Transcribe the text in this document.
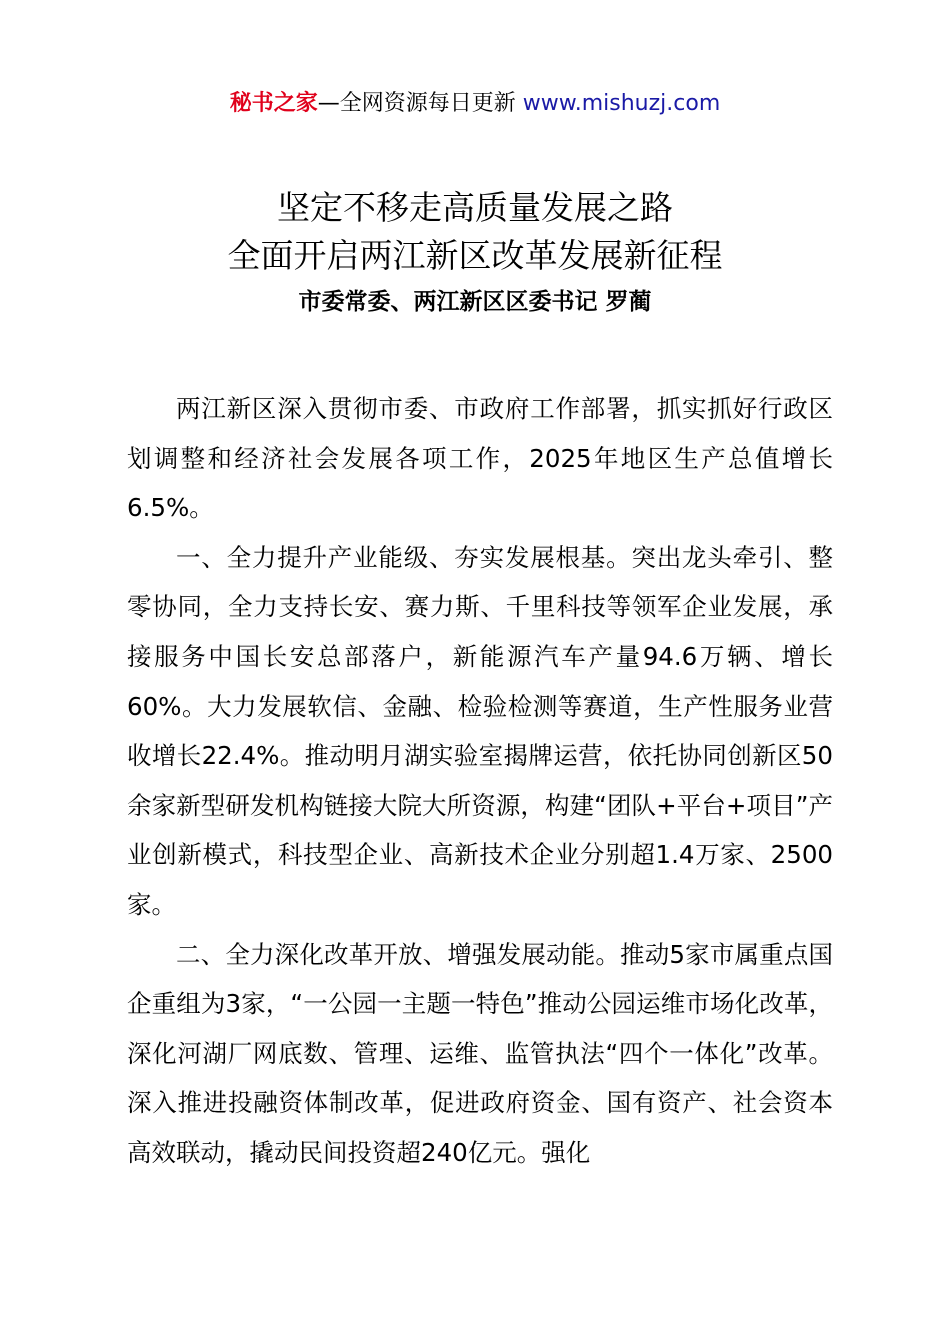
秘书之家—全网资源每日更新 www.mishuzj.com
坚定不移走高质量发展之路
全面开启两江新区改革发展新征程
市委常委、两江新区区委书记 罗蔺

两江新区深入贯彻市委、市政府工作部署，抓实抓好行政区划调整和经济社会发展各项工作，2025年地区生产总值增长6.5%。

一、全力提升产业能级、夯实发展根基。突出龙头牵引、整零协同，全力支持长安、赛力斯、千里科技等领军企业发展，承接服务中国长安总部落户，新能源汽车产量94.6万辆、增长60%。大力发展软信、金融、检验检测等赛道，生产性服务业营收增长22.4%。推动明月湖实验室揭牌运营，依托协同创新区50余家新型研发机构链接大院大所资源，构建“团队+平台+项目”产业创新模式，科技型企业、高新技术企业分别超1.4万家、2500家。

二、全力深化改革开放、增强发展动能。推动5家市属重点国企重组为3家，“一公园一主题一特色”推动公园运维市场化改革，深化河湖厂网底数、管理、运维、监管执法“四个一体化”改革。深入推进投融资体制改革，促进政府资金、国有资产、社会资本高效联动，撬动民间投资超240亿元。强化
